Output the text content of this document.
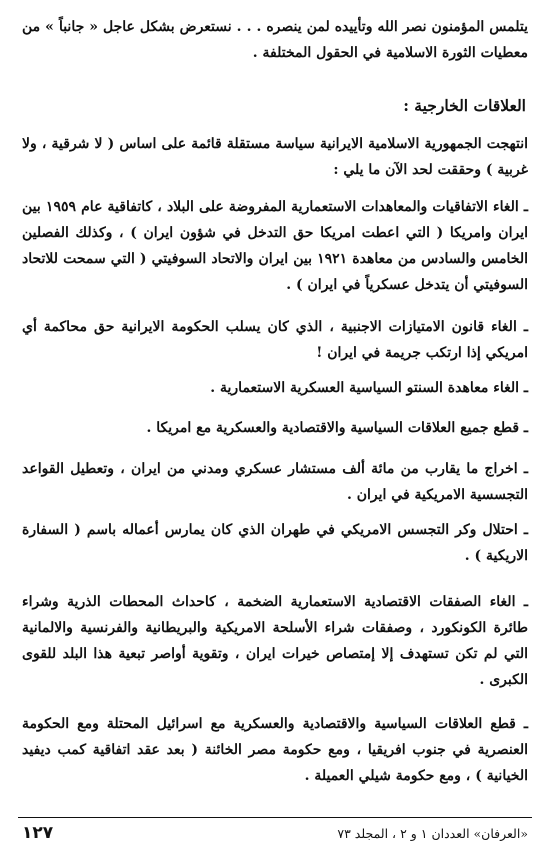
يتلمس المؤمنون نصر الله وتأييده لمن ينصره . . . نستعرض بشكل عاجل « جانباً » من معطيات الثورة الاسلامية في الحقول المختلفة .

العلاقات الخارجية :

انتهجت الجمهورية الاسلامية الايرانية سياسة مستقلة قائمة على اساس ( لا شرقية ، ولا غربية ) وحققت لحد الآن ما يلي :

ـ الغاء الاتفاقيات والمعاهدات الاستعمارية المفروضة على البلاد ، كاتفاقية عام ١٩٥٩ بين ايران وامريكا ( التي اعطت امريكا حق التدخل في شؤون ايران ) ، وكذلك الفصلين الخامس والسادس من معاهدة ١٩٢١ بين ايران والاتحاد السوفيتي ( التي سمحت للاتحاد السوفيتي أن يتدخل عسكرياً في ايران ) .

ـ الغاء قانون الامتيازات الاجنبية ، الذي كان يسلب الحكومة الايرانية حق محاكمة أي امريكي إذا ارتكب جريمة في ايران !

ـ الغاء معاهدة السنتو السياسية العسكرية الاستعمارية .

ـ قطع جميع العلاقات السياسية والاقتصادية والعسكرية مع امريكا .

ـ اخراج ما يقارب من مائة ألف مستشار عسكري ومدني من ايران ، وتعطيل القواعد التجسسية الامريكية في ايران .

ـ احتلال وكر التجسس الامريكي في طهران الذي كان يمارس أعماله باسم ( السفارة الاريكية ) .

ـ الغاء الصفقات الاقتصادية الاستعمارية الضخمة ، كاحداث المحطات الذرية وشراء طائرة الكونكورد ، وصفقات شراء الأسلحة الامريكية والبريطانية والفرنسية والالمانية التي لم تكن تستهدف إلا إمتصاص خيرات ايران ، وتقوية أواصر تبعية هذا البلد للقوى الكبرى .

ـ قطع العلاقات السياسية والاقتصادية والعسكرية مع اسرائيل المحتلة ومع الحكومة العنصرية في جنوب افريقيا ، ومع حكومة مصر الخائنة ( بعد عقد اتفاقية كمب ديفيد الخيانية ) ، ومع حكومة شيلي العميلة .

١٢٧	«العرفان» العددان ١ و ٢ ، المجلد ٧٣
